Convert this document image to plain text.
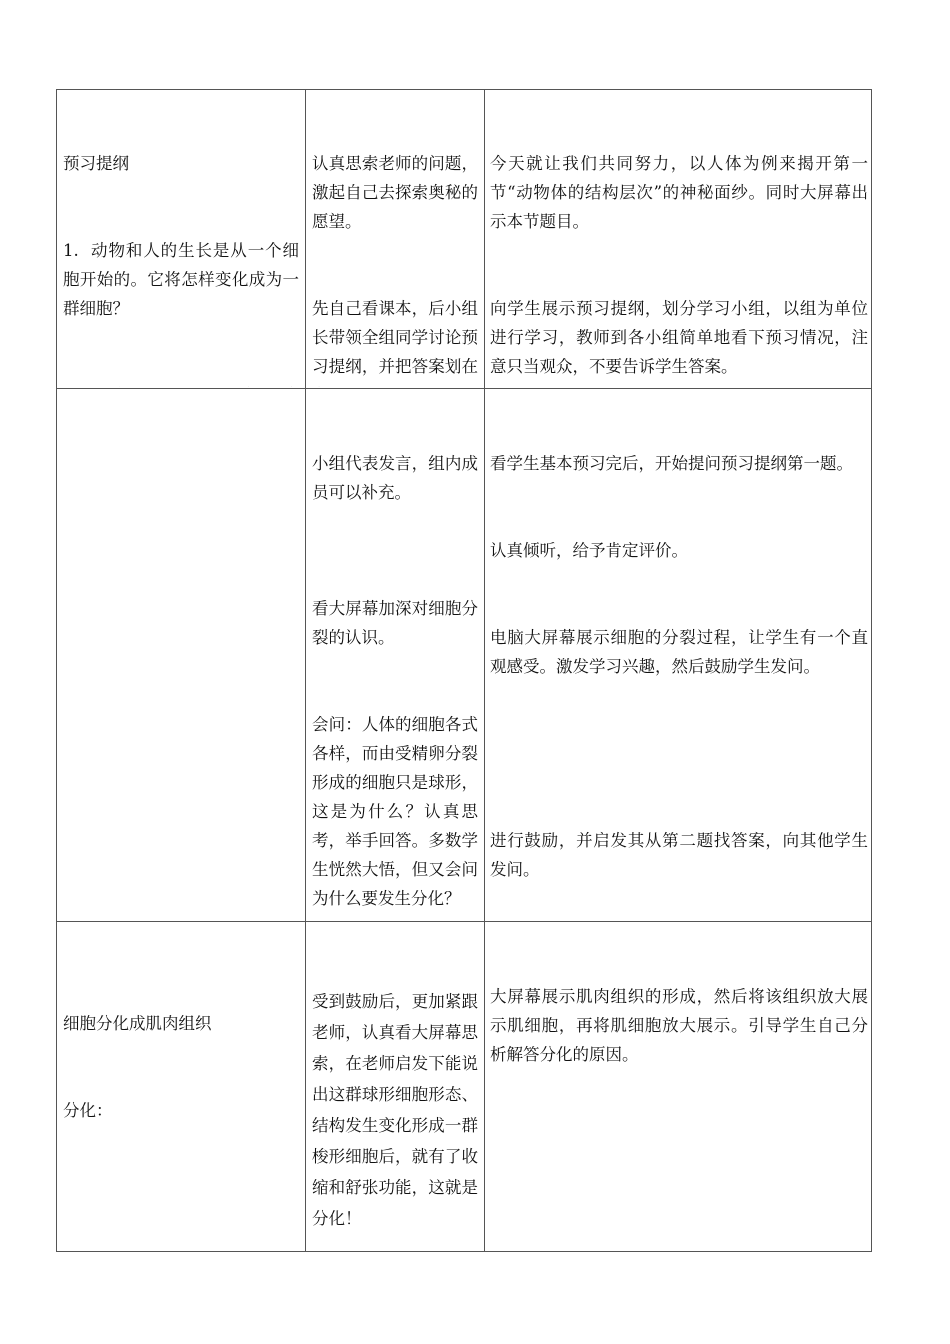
预习提纲

1.  动物和人的生长是从一个细胞开始的。它将怎样变化成为一群细胞？

认真思索老师的问题，激起自己去探索奥秘的愿望。

先自己看课本，后小组长带领全组同学讨论预习提纲，并把答案划在

今天就让我们共同努力，以人体为例来揭开第一节“动物体的结构层次”的神秘面纱。同时大屏幕出示本节题目。

向学生展示预习提纲，划分学习小组，以组为单位进行学习，教师到各小组简单地看下预习情况，注意只当观众，不要告诉学生答案。

小组代表发言，组内成员可以补充。

看大屏幕加深对细胞分裂的认识。

会问：人体的细胞各式各样，而由受精卵分裂形成的细胞只是球形，这是为什么？认真思考，举手回答。多数学生恍然大悟，但又会问为什么要发生分化？

看学生基本预习完后，开始提问预习提纲第一题。

认真倾听，给予肯定评价。

电脑大屏幕展示细胞的分裂过程，让学生有一个直观感受。激发学习兴趣，然后鼓励学生发问。

进行鼓励，并启发其从第二题找答案，向其他学生发问。

细胞分化成肌肉组织

分化：

受到鼓励后，更加紧跟老师，认真看大屏幕思索，在老师启发下能说出这群球形细胞形态、结构发生变化形成一群梭形细胞后，就有了收缩和舒张功能，这就是分化！

大屏幕展示肌肉组织的形成，然后将该组织放大展示肌细胞，再将肌细胞放大展示。引导学生自己分析解答分化的原因。
